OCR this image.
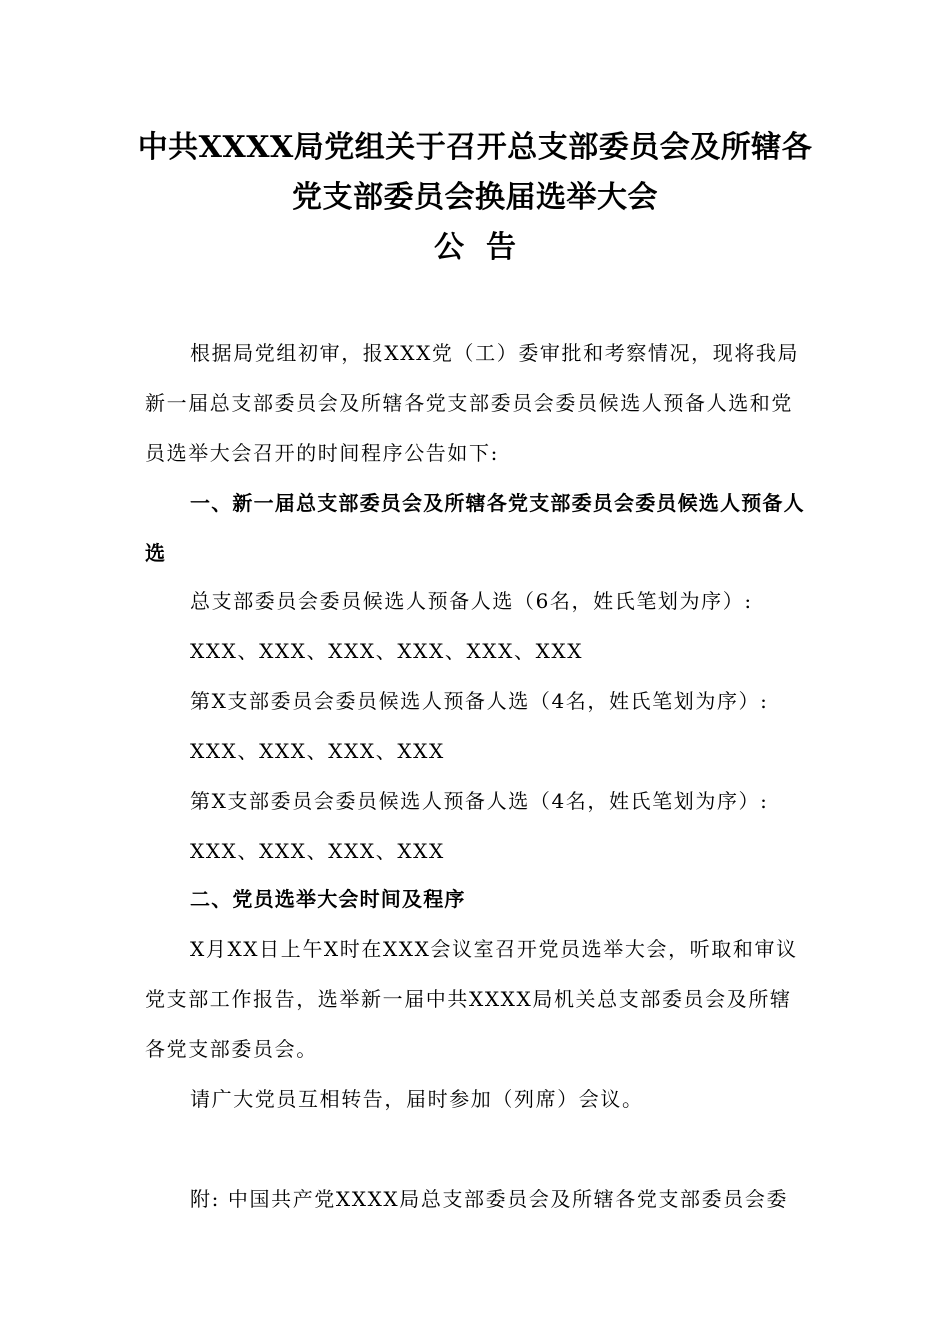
中共XXXX局党组关于召开总支部委员会及所辖各
党支部委员会换届选举大会
公告
根据局党组初审，报XXX党（工）委审批和考察情况，现将我局新一届总支部委员会及所辖各党支部委员会委员候选人预备人选和党员选举大会召开的时间程序公告如下:
一、新一届总支部委员会及所辖各党支部委员会委员候选人预备人选
总支部委员会委员候选人预备人选（6名，姓氏笔划为序）:
XXX、XXX、XXX、XXX、XXX、XXX
第X支部委员会委员候选人预备人选（4名，姓氏笔划为序）:
XXX、XXX、XXX、XXX
第X支部委员会委员候选人预备人选（4名，姓氏笔划为序）:
XXX、XXX、XXX、XXX
二、党员选举大会时间及程序
X月XX日上午X时在XXX会议室召开党员选举大会，听取和审议党支部工作报告，选举新一届中共XXXX局机关总支部委员会及所辖各党支部委员会。
请广大党员互相转告，届时参加（列席）会议。
附: 中国共产党XXXX局总支部委员会及所辖各党支部委员会委
